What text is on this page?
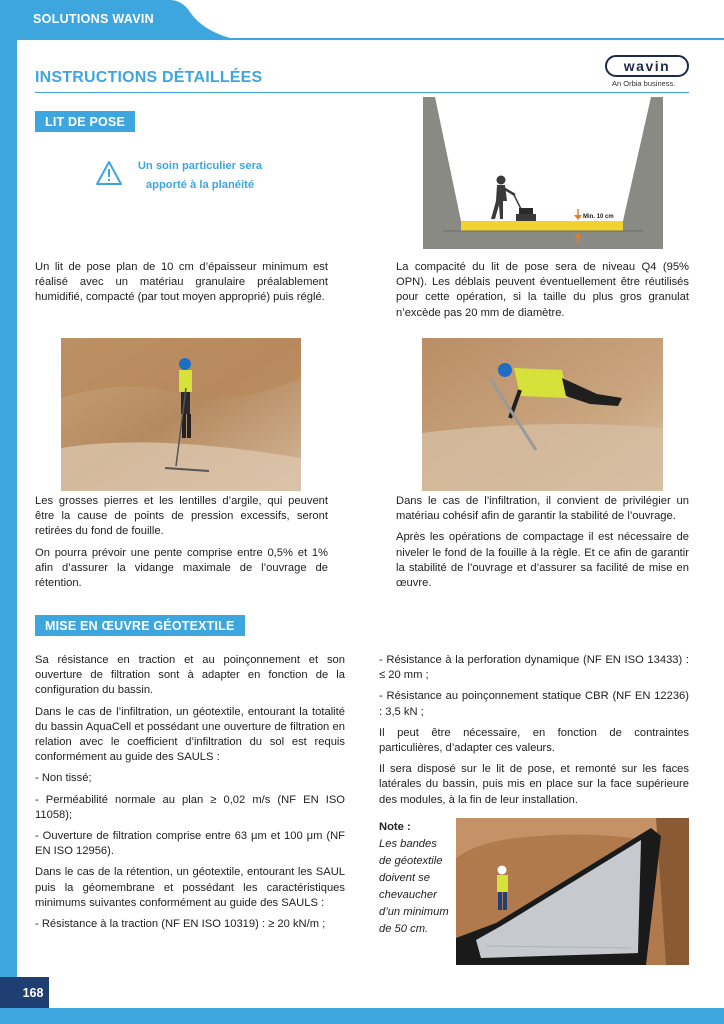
SOLUTIONS WAVIN
168
INSTRUCTIONS DÉTAILLÉES
wavin
An Orbia business.
LIT DE POSE
Un soin particulier sera
apporté à la planéité
Min. 10 cm
Un lit de pose plan de 10 cm d’épaisseur minimum est réalisé avec un matériau granulaire préalablement humidifié, compacté (par tout moyen approprié) puis réglé.
La compacité du lit de pose sera de niveau Q4 (95% OPN). Les déblais peuvent éventuellement être réutilisés pour cette opération, si la taille du plus gros granulat n’excède pas 20 mm de diamètre.

Les grosses pierres et les lentilles d’argile, qui peuvent être la cause de points de pression excessifs, seront retirées du fond de fouille.

On pourra prévoir une pente comprise entre 0,5% et 1% afin d’assurer la vidange maximale de l’ouvrage de rétention.

Dans le cas de l’infiltration, il convient de privilégier un matériau cohésif afin de garantir la stabilité de l’ouvrage.

Après les opérations de compactage il est nécessaire de niveler le fond de la fouille à la règle. Et ce afin de garantir la stabilité de l’ouvrage et d’assurer sa facilité de mise en œuvre.

MISE EN ŒUVRE GÉOTEXTILE

Sa résistance en traction et au poinçonnement et son ouverture de filtration sont à adapter en fonction de la configuration du bassin.

Dans le cas de l’infiltration, un géotextile, entourant la totalité du bassin AquaCell et possédant une ouverture de filtration en relation avec le coefficient d’infiltration du sol est requis conformément au guide des SAULS :

- Non tissé;

- Perméabilité normale au plan ≥ 0,02 m/s (NF EN ISO 11058);

- Ouverture de filtration comprise entre 63 μm et 100 μm (NF EN ISO 12956).

Dans le cas de la rétention, un géotextile, entourant les SAUL puis la géomembrane et possédant les caractéristiques minimums suivantes conformément au guide des SAULS :

- Résistance à la traction (NF EN ISO 10319) : ≥ 20 kN/m ;

- Résistance à la perforation dynamique (NF EN ISO 13433) : ≤ 20 mm ;

- Résistance au poinçonnement statique CBR (NF EN 12236) : 3,5 kN ;

Il peut être nécessaire, en fonction de contraintes particulières, d’adapter ces valeurs.

Il sera disposé sur le lit de pose, et remonté sur les faces latérales du bassin, puis mis en place sur la face supérieure des modules, à la fin de leur installation.

Note :
Les bandes de géotextile doivent se chevaucher d’un minimum de 50 cm.
